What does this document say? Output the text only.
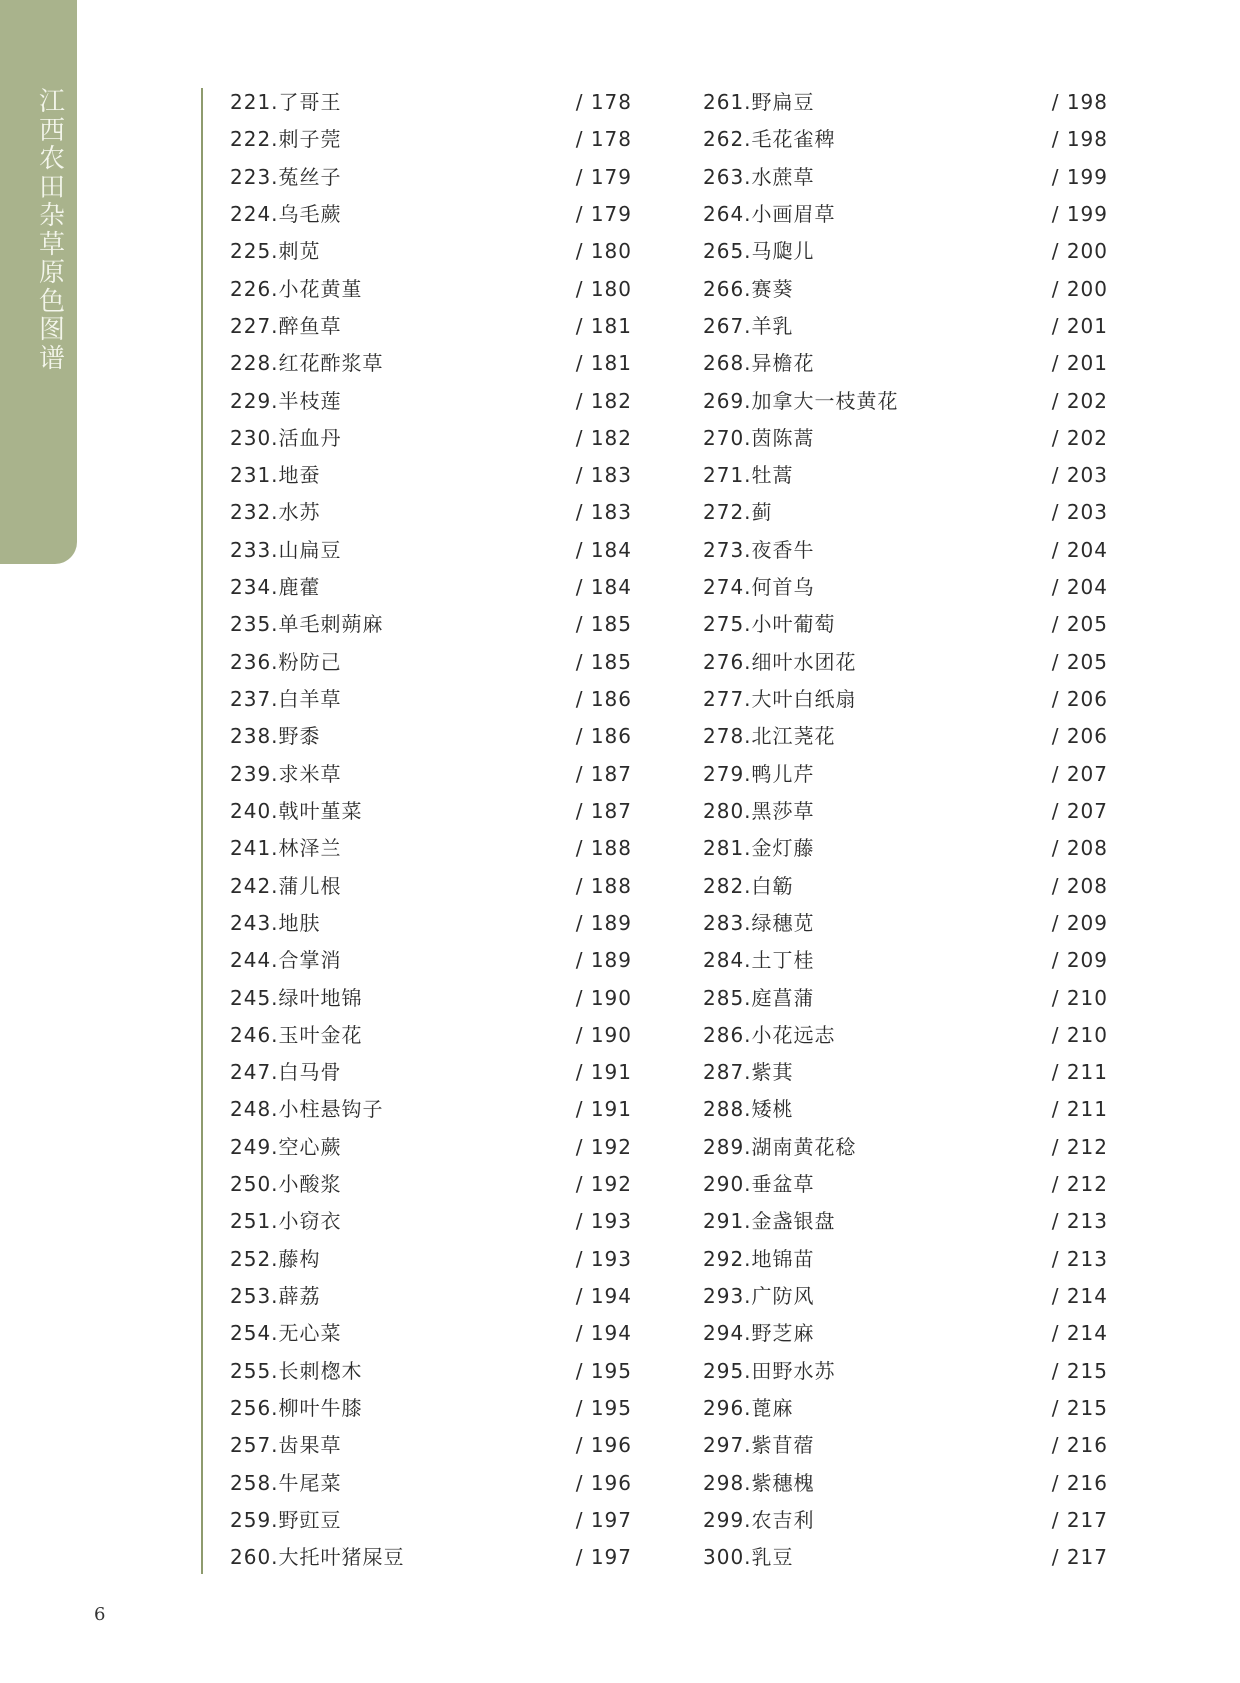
江
西
农
田
杂
草
原
色
图
谱
221.了哥王	/ 178
222.刺子莞	/ 178
223.菟丝子	/ 179
224.乌毛蕨	/ 179
225.刺苋	/ 180
226.小花黄堇	/ 180
227.醉鱼草	/ 181
228.红花酢浆草	/ 181
229.半枝莲	/ 182
230.活血丹	/ 182
231.地蚕	/ 183
232.水苏	/ 183
233.山扁豆	/ 184
234.鹿藿	/ 184
235.单毛刺蒴麻	/ 185
236.粉防己	/ 185
237.白羊草	/ 186
238.野黍	/ 186
239.求米草	/ 187
240.戟叶堇菜	/ 187
241.林泽兰	/ 188
242.蒲儿根	/ 188
243.地肤	/ 189
244.合掌消	/ 189
245.绿叶地锦	/ 190
246.玉叶金花	/ 190
247.白马骨	/ 191
248.小柱悬钩子	/ 191
249.空心蕨	/ 192
250.小酸浆	/ 192
251.小窃衣	/ 193
252.藤构	/ 193
253.薜荔	/ 194
254.无心菜	/ 194
255.长刺楤木	/ 195
256.柳叶牛膝	/ 195
257.齿果草	/ 196
258.牛尾菜	/ 196
259.野豇豆	/ 197
260.大托叶猪屎豆	/ 197
261.野扁豆	/ 198
262.毛花雀稗	/ 198
263.水蔗草	/ 199
264.小画眉草	/ 199
265.马瓟儿	/ 200
266.赛葵	/ 200
267.羊乳	/ 201
268.异檐花	/ 201
269.加拿大一枝黄花	/ 202
270.茵陈蒿	/ 202
271.牡蒿	/ 203
272.蓟	/ 203
273.夜香牛	/ 204
274.何首乌	/ 204
275.小叶葡萄	/ 205
276.细叶水团花	/ 205
277.大叶白纸扇	/ 206
278.北江荛花	/ 206
279.鸭儿芹	/ 207
280.黑莎草	/ 207
281.金灯藤	/ 208
282.白簕	/ 208
283.绿穗苋	/ 209
284.土丁桂	/ 209
285.庭菖蒲	/ 210
286.小花远志	/ 210
287.紫萁	/ 211
288.矮桃	/ 211
289.湖南黄花稔	/ 212
290.垂盆草	/ 212
291.金盏银盘	/ 213
292.地锦苗	/ 213
293.广防风	/ 214
294.野芝麻	/ 214
295.田野水苏	/ 215
296.蓖麻	/ 215
297.紫苜蓿	/ 216
298.紫穗槐	/ 216
299.农吉利	/ 217
300.乳豆	/ 217
6
